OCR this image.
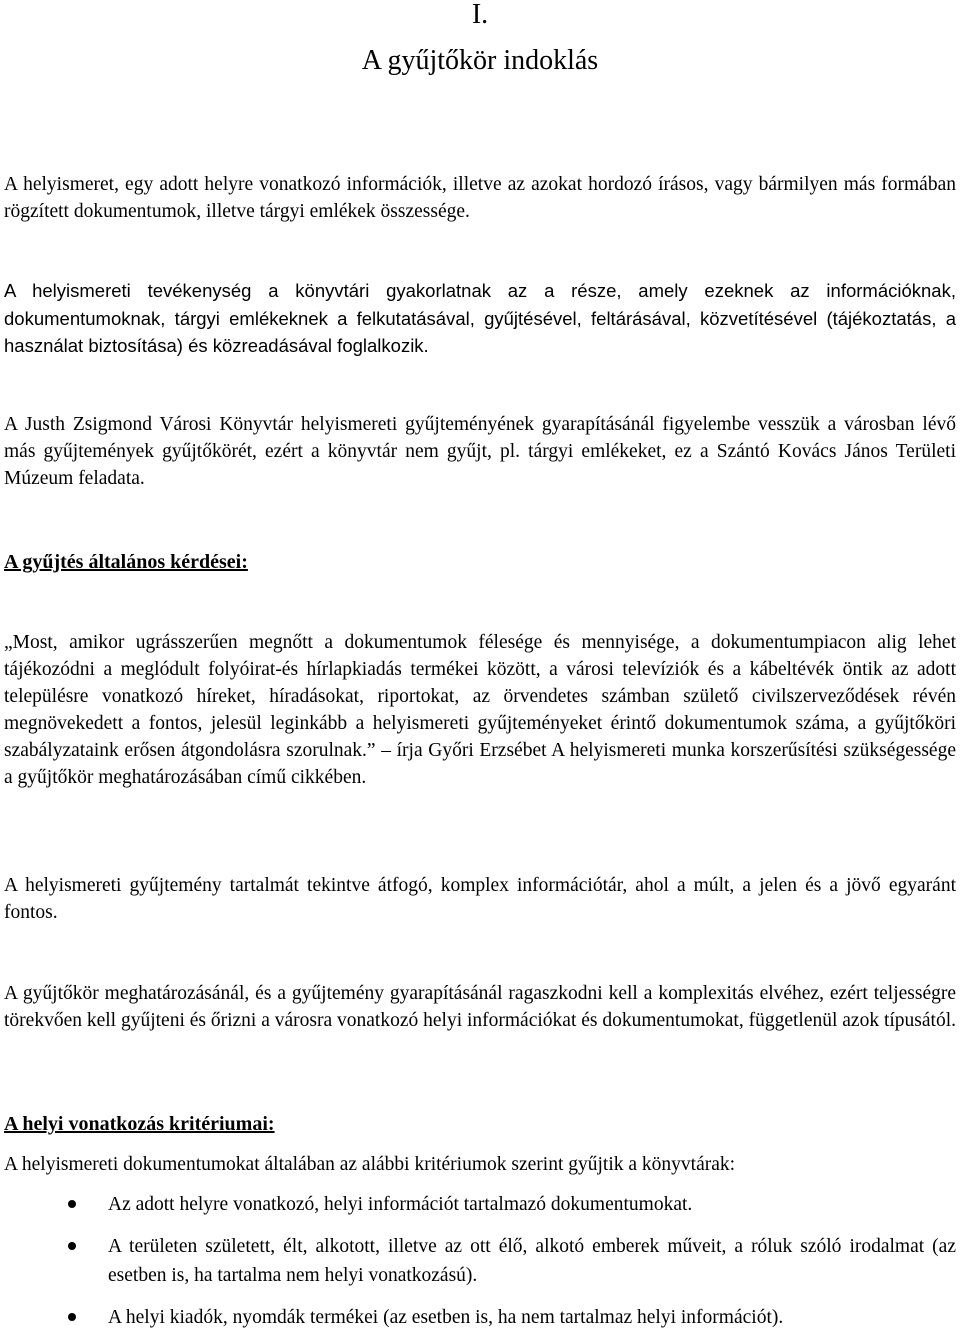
I.
A gyűjtőkör indoklás

A helyismeret, egy adott helyre vonatkozó információk, illetve az azokat hordozó írásos, vagy bármilyen más formában rögzített dokumentumok, illetve tárgyi emlékek összessége.

A helyismereti tevékenység a könyvtári gyakorlatnak az a része, amely ezeknek az információknak, dokumentumoknak, tárgyi emlékeknek a felkutatásával, gyűjtésével, feltárásával, közvetítésével (tájékoztatás, a használat biztosítása) és közreadásával foglalkozik.

A Justh Zsigmond Városi Könyvtár helyismereti gyűjteményének gyarapításánál figyelembe vesszük a városban lévő más gyűjtemények gyűjtőkörét, ezért a könyvtár nem gyűjt, pl. tárgyi emlékeket, ez a Szántó Kovács János Területi Múzeum feladata.

A gyűjtés általános kérdései:

„Most, amikor ugrásszerűen megnőtt a dokumentumok félesége és mennyisége, a dokumentumpiacon alig lehet tájékozódni a meglódult folyóirat-és hírlapkiadás termékei között, a városi televíziók és a kábeltévék öntik az adott településre vonatkozó híreket, híradásokat, riportokat, az örvendetes számban születő civilszerveződések révén megnövekedett a fontos, jelesül leginkább a helyismereti gyűjteményeket érintő dokumentumok száma, a gyűjtőköri szabályzataink erősen átgondolásra szorulnak.” – írja Győri Erzsébet A helyismereti munka korszerűsítési szükségessége a gyűjtőkör meghatározásában című cikkében.

A helyismereti gyűjtemény tartalmát tekintve átfogó, komplex információtár, ahol a múlt, a jelen és a jövő egyaránt fontos.

A gyűjtőkör meghatározásánál, és a gyűjtemény gyarapításánál ragaszkodni kell a komplexitás elvéhez, ezért teljességre törekvően kell gyűjteni és őrizni a városra vonatkozó helyi információkat és dokumentumokat, függetlenül azok típusától.

A helyi vonatkozás kritériumai:

A helyismereti dokumentumokat általában az alábbi kritériumok szerint gyűjtik a könyvtárak:

Az adott helyre vonatkozó, helyi információt tartalmazó dokumentumokat.
A területen született, élt, alkotott, illetve az ott élő, alkotó emberek műveit, a róluk szóló irodalmat (az esetben is, ha tartalma nem helyi vonatkozású).
A helyi kiadók, nyomdák termékei (az esetben is, ha nem tartalmaz helyi információt).
